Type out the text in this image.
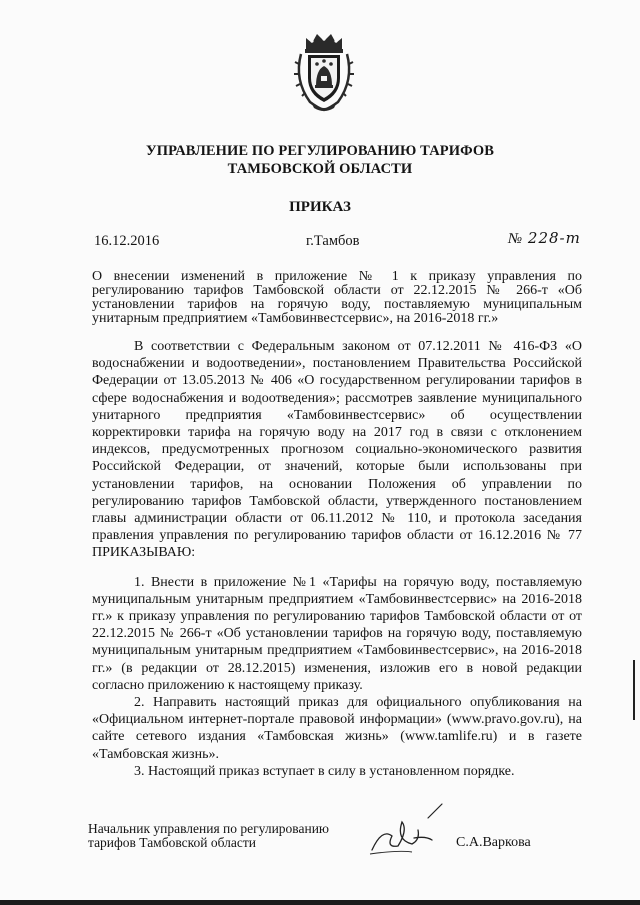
УПРАВЛЕНИЕ ПО РЕГУЛИРОВАНИЮ ТАРИФОВ
ТАМБОВСКОЙ ОБЛАСТИ
ПРИКАЗ
16.12.2016	г.Тамбов	№ 228-т
О внесении изменений в приложение № 1 к приказу управления по регулированию тарифов Тамбовской области от 22.12.2015 № 266-т «Об установлении тарифов на горячую воду, поставляемую муниципальным унитарным предприятием «Тамбовинвестсервис», на 2016-2018 гг.»

В соответствии с Федеральным законом от 07.12.2011 № 416-ФЗ «О водоснабжении и водоотведении», постановлением Правительства Российской Федерации от 13.05.2013 № 406 «О государственном регулировании тарифов в сфере водоснабжения и водоотведения»; рассмотрев заявление муниципального унитарного предприятия «Тамбовинвестсервис» об осуществлении корректировки тарифа на горячую воду на 2017 год в связи с отклонением индексов, предусмотренных прогнозом социально-экономического развития Российской Федерации, от значений, которые были использованы при установлении тарифов, на основании Положения об управлении по регулированию тарифов Тамбовской области, утвержденного постановлением главы администрации области от 06.11.2012 № 110, и протокола заседания правления управления по регулированию тарифов области от 16.12.2016 № 77 ПРИКАЗЫВАЮ:

1. Внести в приложение №1 «Тарифы на горячую воду, поставляемую муниципальным унитарным предприятием «Тамбовинвестсервис» на 2016-2018 гг.» к приказу управления по регулированию тарифов Тамбовской области от от 22.12.2015 № 266-т «Об установлении тарифов на горячую воду, поставляемую муниципальным унитарным предприятием «Тамбовинвестсервис», на 2016-2018 гг.» (в редакции от 28.12.2015) изменения, изложив его в новой редакции согласно приложению к настоящему приказу.

2. Направить настоящий приказ для официального опубликования на «Официальном интернет-портале правовой информации» (www.pravo.gov.ru), на сайте сетевого издания «Тамбовская жизнь» (www.tamlife.ru) и в газете «Тамбовская жизнь».

3. Настоящий приказ вступает в силу в установленном порядке.

Начальник управления по регулированию
тарифов Тамбовской области	С.А.Варкова
